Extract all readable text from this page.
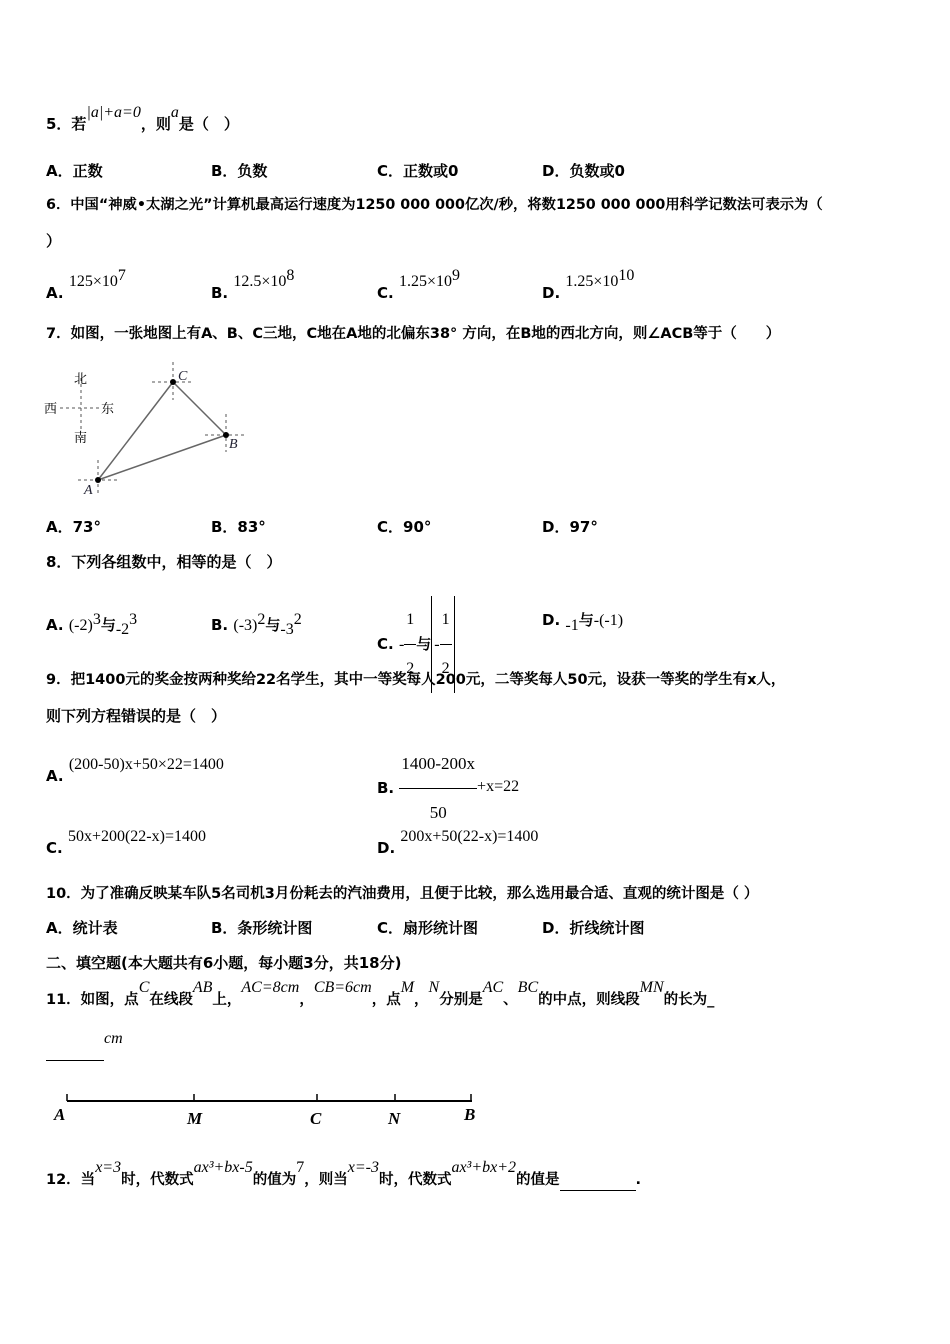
5．若|a|+a=0，则a是（　）
A．正数	B．负数	C．正数或0	D．负数或0
6．中国“神威•太湖之光”计算机最高运行速度为1250 000 000亿次/秒，将数1250 000 000用科学记数法可表示为（
）
A. $125\times 10^7$
B. $12.5\times 10^8$
C. $1.25\times 10^9$
D. $1.25\times 10^{10}$
7．如图，一张地图上有A、B、C三地，C地在A地的北偏东38° 方向，在B地的西北方向，则∠ACB等于（　　）
北
南
西	东
C
B
A
A．73°	B．83°	C．90°	D．97°
8．下列各组数中，相等的是（　）
A. $(-2)^3$与$-2^3$	B. $(-3)^2$与$-3^2$
C. - $\frac{1}{2}$ 与 - $\frac{1}{2}$	D. -1与-(-1)
9．把1400元的奖金按两种奖给22名学生，其中一等奖每人200元，二等奖每人50元，设获一等奖的学生有x人，
则下列方程错误的是（　）
A. (200-50)x+50×22=1400
B. $\frac{1400-200x}{50} +x=22$
C. 50x+200(22-x)=1400
D. 200x+50(22-x)=1400
10．为了准确反映某车队5名司机3月份耗去的汽油费用，且便于比较，那么选用最合适、直观的统计图是（ ）
A．统计表	B．条形统计图	C．扇形统计图	D．折线统计图
二、填空题(本大题共有6小题，每小题3分，共18分)
11．如图，点C在线段AB上，AC=8cm，CB=6cm，点M，N分别是AC、BC的中点，则线段MN的长为_
cm
A	M	C	N	B
12．当x=3时，代数式ax³+bx-5的值为7，则当x=-3时，代数式ax³+bx+2的值是	.
